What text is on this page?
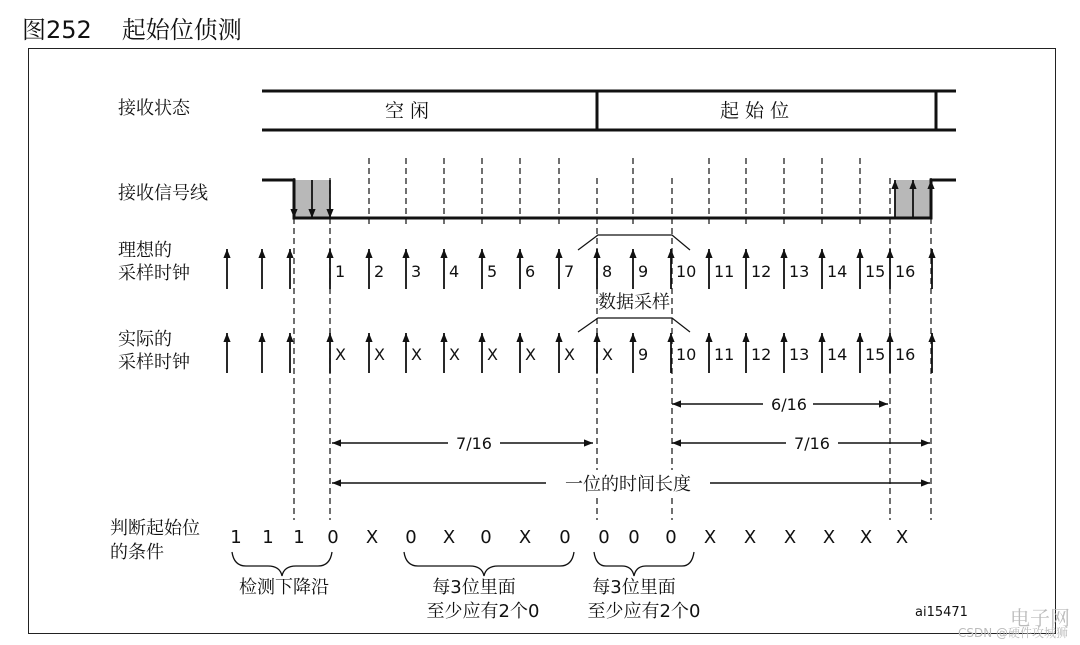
图252 起始位侦测
接收状态
接收信号线
理想的
采样时钟
实际的
采样时钟
判断起始位
的条件
空 闲	起 始 位
1 2 3 4 5 6 7 8 9 10 11 12 13 14 15 16
X X X X X X X X 9 10 11 12 13 14 15 16
数据采样
6/16
7/16	7/16
一位的时间长度
1 1 1 0 X 0 X 0 X 0 0 0 0 X X X X X X
检测下降沿	每3位里面
至少应有2个0
每3位里面
至少应有2个0	ai15471 电子网
CSDN @硬件攻城狮
